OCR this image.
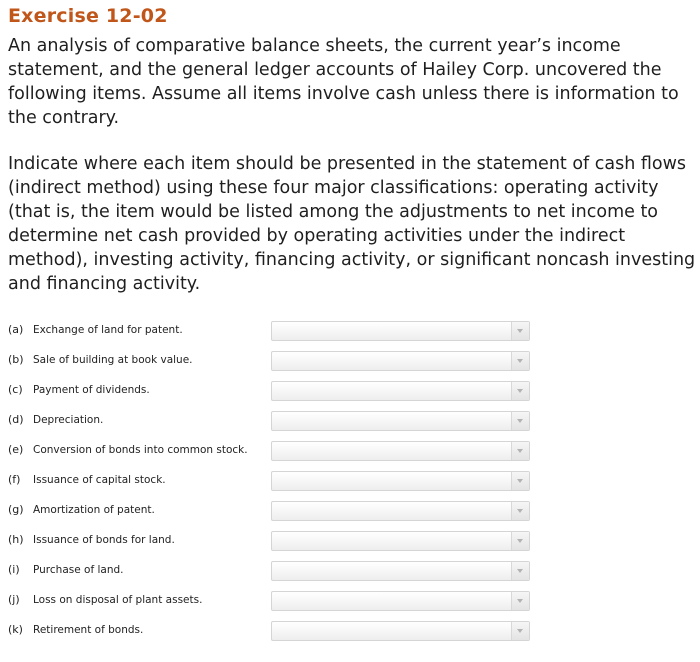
Exercise 12-02

An analysis of comparative balance sheets, the current year’s income statement, and the general ledger accounts of Hailey Corp. uncovered the following items. Assume all items involve cash unless there is information to the contrary.

Indicate where each item should be presented in the statement of cash flows (indirect method) using these four major classifications: operating activity (that is, the item would be listed among the adjustments to net income to determine net cash provided by operating activities under the indirect method), investing activity, financing activity, or significant noncash investing and financing activity.

(a) Exchange of land for patent.
(b) Sale of building at book value.
(c) Payment of dividends.
(d) Depreciation.
(e) Conversion of bonds into common stock.
(f) Issuance of capital stock.
(g) Amortization of patent.
(h) Issuance of bonds for land.
(i) Purchase of land.
(j) Loss on disposal of plant assets.
(k) Retirement of bonds.
